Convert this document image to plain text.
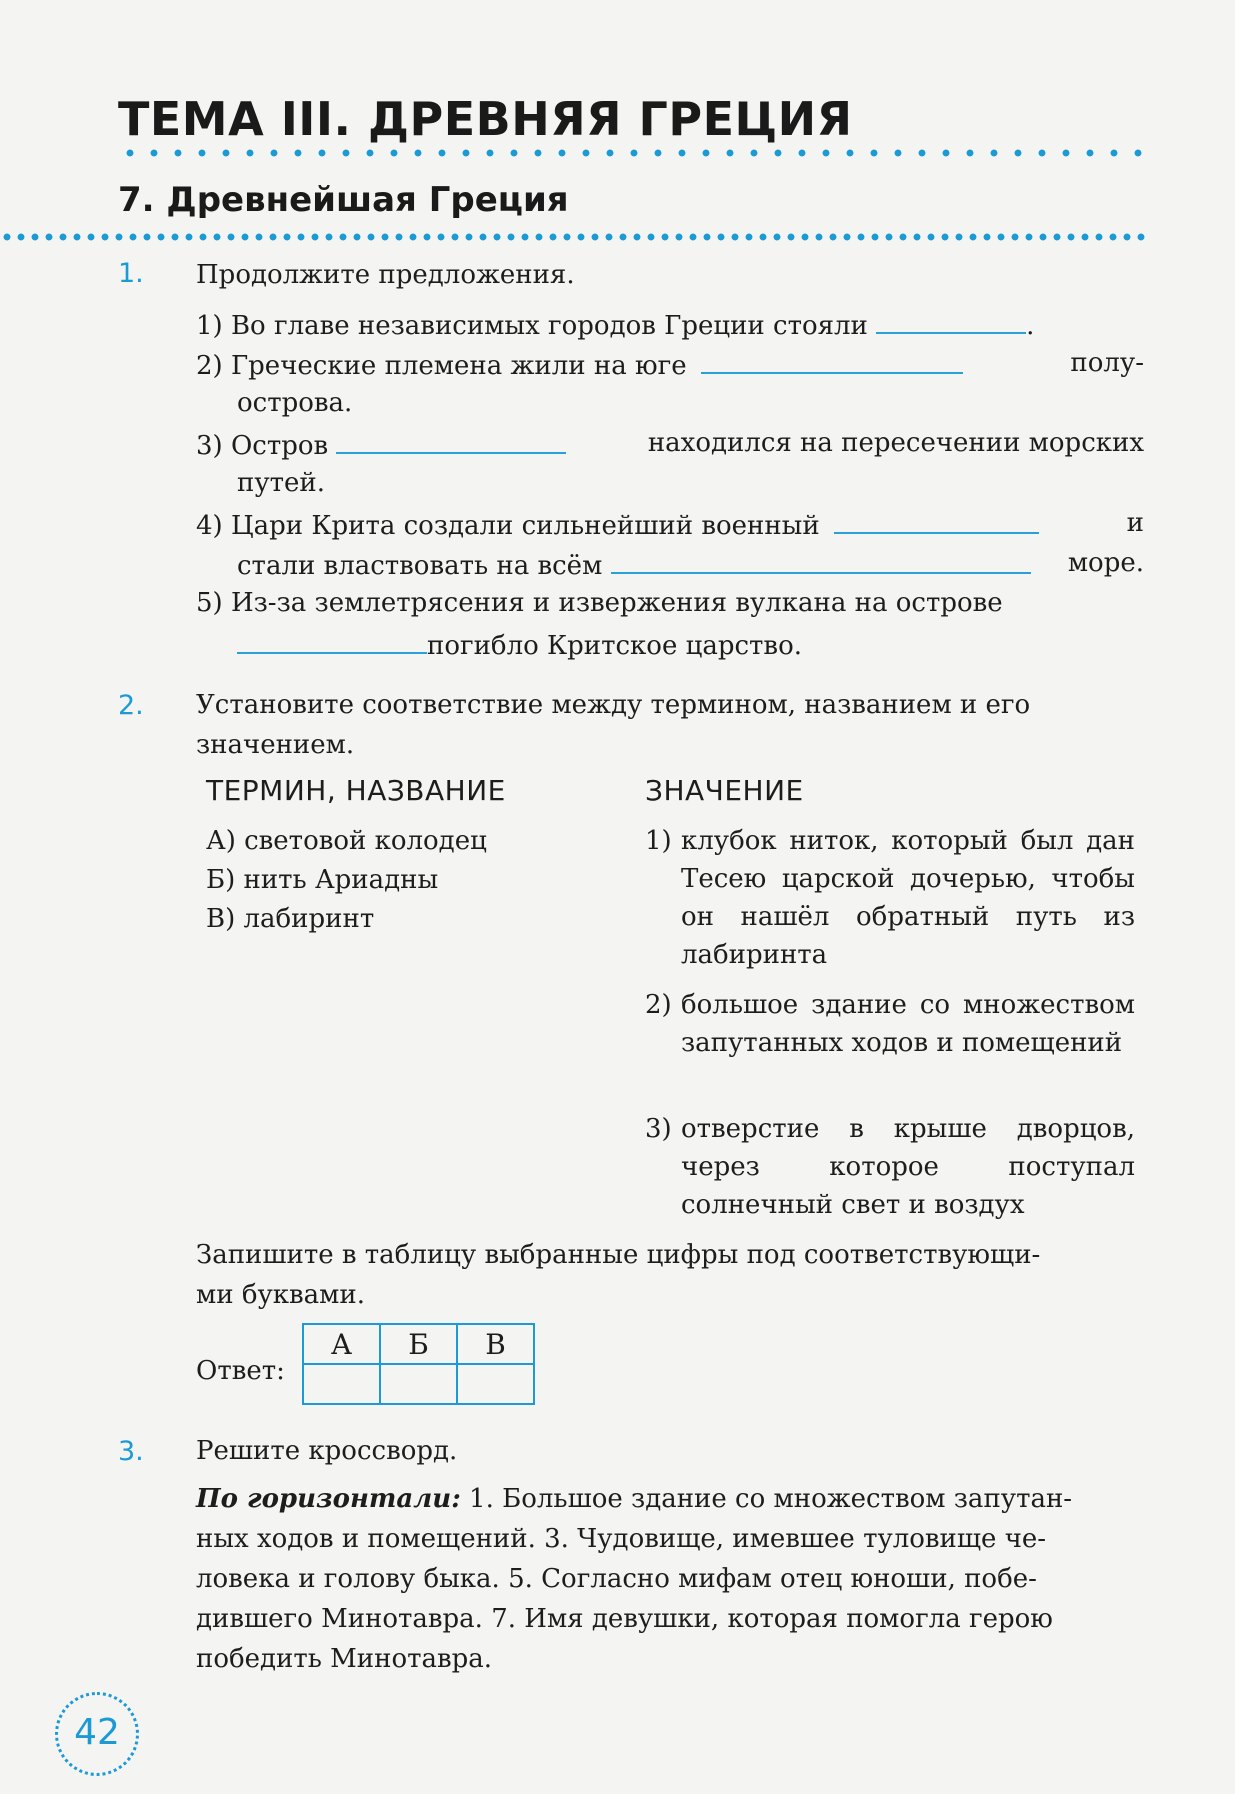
ТЕМА III. ДРЕВНЯЯ ГРЕЦИЯ
7. Древнейшая Греция
1. Продолжите предложения.
1) Во главе независимых городов Греции стояли	.
2) Греческие племена жили на юге	полу-
острова.
3) Остров	находился на пересечении морских
путей.
4) Цари Крита создали сильнейший военный	и
стали властвовать на всём	море.
5) Из-за землетрясения и извержения вулкана на острове
погибло Критское царство.
2. Установите соответствие между термином, названием и его
значением.
ТЕРМИН, НАЗВАНИЕ	ЗНАЧЕНИЕ
А) световой колодец
Б) нить Ариадны
В) лабиринт
1) клубок ниток, который был дан Тесею царской дочерью, чтобы он нашёл обратный путь из лабиринта
2) большое здание со множеством запутанных ходов и помещений
3) отверстие в крыше дворцов, через которое поступал солнечный свет и воздух
Запишите в таблицу выбранные цифры под соответствующи-
ми буквами.
Ответ:
А	Б	В

3. Решите кроссворд.
По горизонтали: 1. Большое здание со множеством запутан-
ных ходов и помещений. 3. Чудовище, имевшее туловище че-
ловека и голову быка. 5. Согласно мифам отец юноши, побе-
дившего Минотавра. 7. Имя девушки, которая помогла герою
победить Минотавра.
42
